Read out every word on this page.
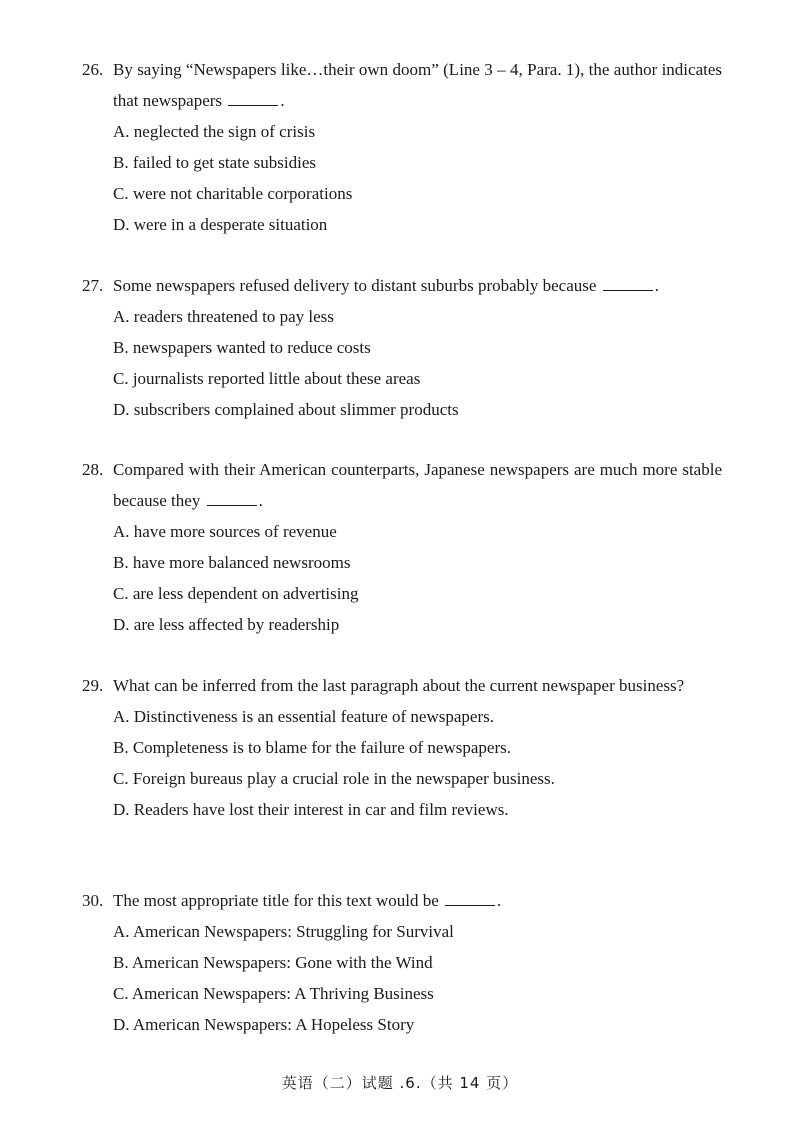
26. By saying “Newspapers like…their own doom” (Line 3 – 4, Para. 1), the author indicates that newspapers	.
A. neglected the sign of crisis
B. failed to get state subsidies
C. were not charitable corporations
D. were in a desperate situation
27. Some newspapers refused delivery to distant suburbs probably because	.
A. readers threatened to pay less
B. newspapers wanted to reduce costs
C. journalists reported little about these areas
D. subscribers complained about slimmer products
28. Compared with their American counterparts, Japanese newspapers are much more stable because they	.
A. have more sources of revenue
B. have more balanced newsrooms
C. are less dependent on advertising
D. are less affected by readership
29. What can be inferred from the last paragraph about the current newspaper business?
A. Distinctiveness is an essential feature of newspapers.
B. Completeness is to blame for the failure of newspapers.
C. Foreign bureaus play a crucial role in the newspaper business.
D. Readers have lost their interest in car and film reviews.
30. The most appropriate title for this text would be	.
A. American Newspapers: Struggling for Survival
B. American Newspapers: Gone with the Wind
C. American Newspapers: A Thriving Business
D. American Newspapers: A Hopeless Story
英语（二）试题 .6.（共 14 页）
